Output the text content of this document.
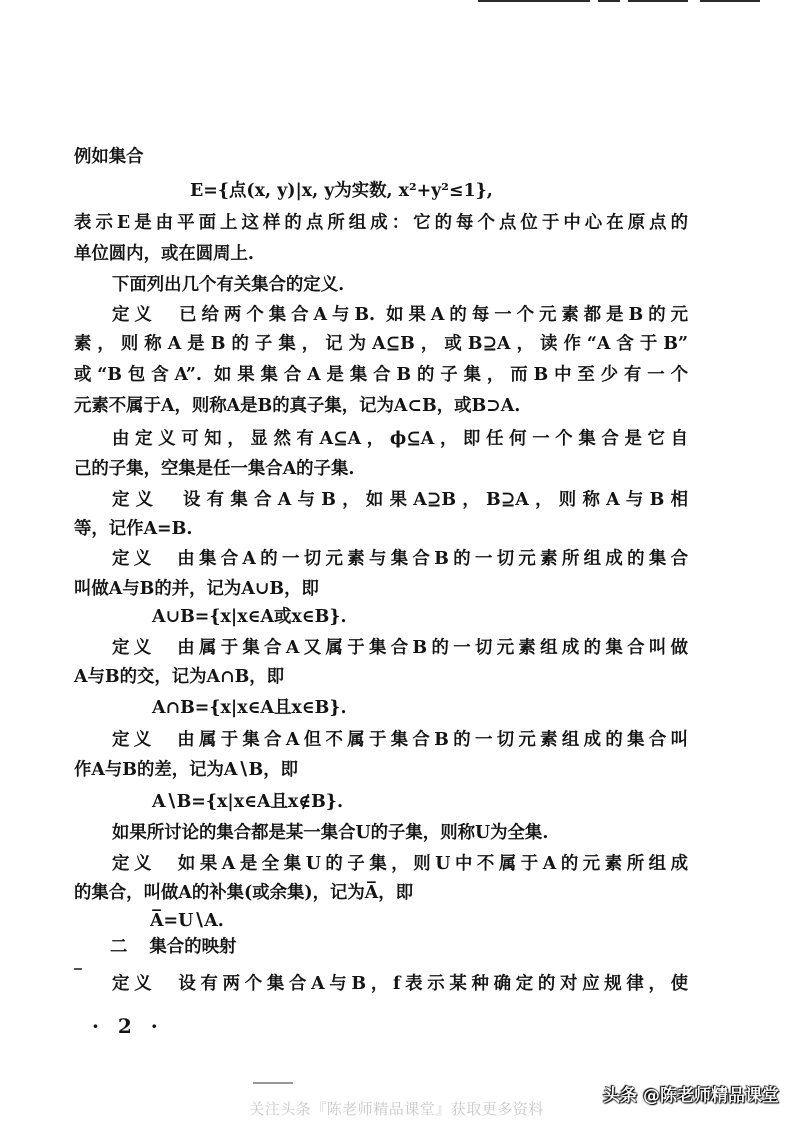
例如集合
E={点(x, y)|x, y为实数, x²+y²≤1},
表示E是由平面上这样的点所组成：它的每个点位于中心在原点的
单位圆内，或在圆周上.
下面列出几个有关集合的定义.
定义　已给两个集合A与B. 如果A的每一个元素都是B的元
素，则称A是B的子集，记为A⊆B，或B⊇A，读作“A含于B”
或“B包含A”. 如果集合A是集合B的子集，而B中至少有一个
元素不属于A，则称A是B的真子集，记为A⊂B，或B⊃A.
由定义可知，显然有A⊆A，ϕ⊆A，即任何一个集合是它自
己的子集，空集是任一集合A的子集.
定义　设有集合A与B，如果A⊇B，B⊇A，则称A与B相
等，记作A=B.
定义　由集合A的一切元素与集合B的一切元素所组成的集合
叫做A与B的并，记为A∪B，即
A∪B={x|x∈A或x∈B}.
定义　由属于集合A又属于集合B的一切元素组成的集合叫做
A与B的交，记为A∩B，即
A∩B={x|x∈A且x∈B}.
定义　由属于集合A但不属于集合B的一切元素组成的集合叫
作A与B的差，记为A∖B，即
A∖B={x|x∈A且x∉B}.
如果所讨论的集合都是某一集合U的子集，则称U为全集.
定义　如果A是全集U的子集，则U中不属于A的元素所组成
的集合，叫做A的补集(或余集)，记为A̅，即
A̅=U∖A.
二 集合的映射
定义　设有两个集合A与B，f表示某种确定的对应规律，使
· 2 ·
头条 @陈老师精品课堂
关注头条『陈老师精品课堂』获取更多资料
